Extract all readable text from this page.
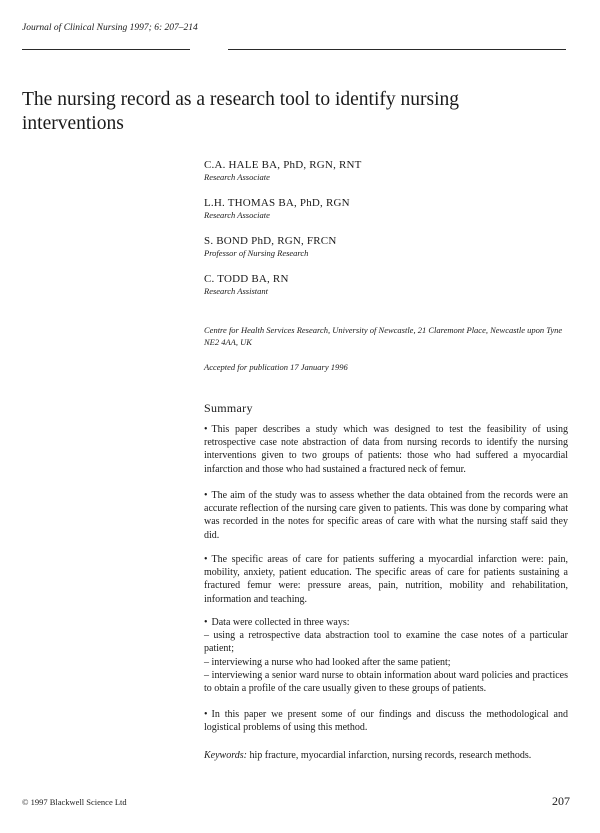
Journal of Clinical Nursing 1997; 6: 207–214
The nursing record as a research tool to identify nursing interventions
C.A. HALE BA, PhD, RGN, RNT
Research Associate
L.H. THOMAS BA, PhD, RGN
Research Associate
S. BOND PhD, RGN, FRCN
Professor of Nursing Research
C. TODD BA, RN
Research Assistant
Centre for Health Services Research, University of Newcastle, 21 Claremont Place, Newcastle upon Tyne NE2 4AA, UK
Accepted for publication 17 January 1996
Summary
• This paper describes a study which was designed to test the feasibility of using retrospective case note abstraction of data from nursing records to identify the nursing interventions given to two groups of patients: those who had suffered a myocardial infarction and those who had sustained a fractured neck of femur.
• The aim of the study was to assess whether the data obtained from the records were an accurate reflection of the nursing care given to patients. This was done by comparing what was recorded in the notes for specific areas of care with what the nursing staff said they did.
• The specific areas of care for patients suffering a myocardial infarction were: pain, mobility, anxiety, patient education. The specific areas of care for patients sustaining a fractured femur were: pressure areas, pain, nutrition, mobility and rehabilitation, information and teaching.
• Data were collected in three ways:
– using a retrospective data abstraction tool to examine the case notes of a particular patient;
– interviewing a nurse who had looked after the same patient;
– interviewing a senior ward nurse to obtain information about ward policies and practices to obtain a profile of the care usually given to these groups of patients.
• In this paper we present some of our findings and discuss the methodological and logistical problems of using this method.
Keywords: hip fracture, myocardial infarction, nursing records, research methods.
© 1997 Blackwell Science Ltd	207
